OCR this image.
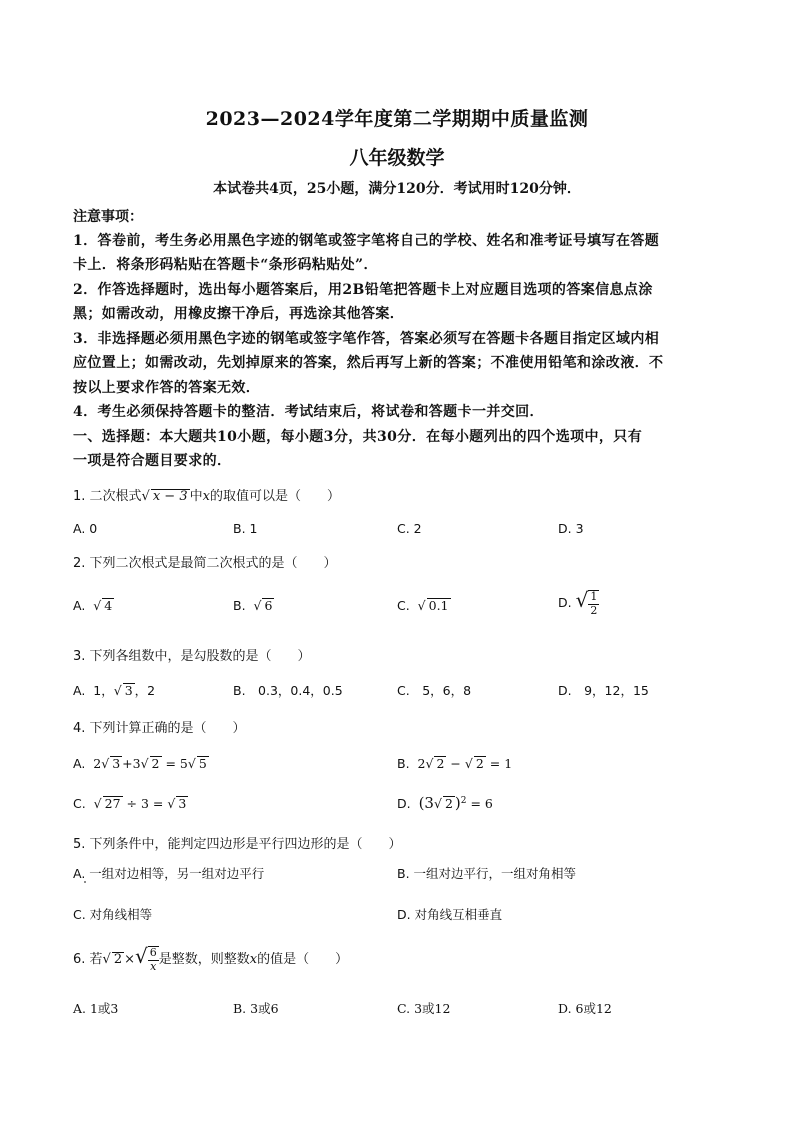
2023—2024学年度第二学期期中质量监测
八年级数学
本试卷共4页，25小题，满分120分．考试用时120分钟．
注意事项：
1．答卷前，考生务必用黑色字迹的钢笔或签字笔将自己的学校、姓名和准考证号填写在答题
卡上．将条形码粘贴在答题卡“条形码粘贴处”．
2．作答选择题时，选出每小题答案后，用2B铅笔把答题卡上对应题目选项的答案信息点涂
黑；如需改动，用橡皮擦干净后，再选涂其他答案．
3．非选择题必须用黑色字迹的钢笔或签字笔作答，答案必须写在答题卡各题目指定区域内相
应位置上；如需改动，先划掉原来的答案，然后再写上新的答案；不准使用铅笔和涂改液．不
按以上要求作答的答案无效．
4．考生必须保持答题卡的整洁．考试结束后，将试卷和答题卡一并交回．
一、选择题：本大题共10小题，每小题3分，共30分．在每小题列出的四个选项中，只有
一项是符合题目要求的．
1. 二次根式√ x − 3 中x的取值可以是（　　）
A. 0	B. 1	C. 2	D. 3
2. 下列二次根式是最简二次根式的是（　　）
A. √ 4	B. √ 6	C. √ 0.1	D. √ $\frac{1}{2}$
3. 下列各组数中，是勾股数的是（　　）
A. 1，√ 3 ，2	B.　0.3，0.4，0.5	C.　5，6，8	D.　9，12，15
4. 下列计算正确的是（　　）
A. 2√ 3 +3√ 2 = 5√ 5	B. 2√ 2 − √ 2 = 1
C. √ 27 ÷ 3 = √ 3	D. (3√ 2 )$^2$ = 6
5. 下列条件中，能判定四边形是平行四边形的是（　　）
A. 一组对边相等，另一组对边平行	B. 一组对边平行，一组对角相等
C. 对角线相等	D. 对角线互相垂直
6. 若√ 2 ×√ $\frac{6}{x}$ 是整数，则整数x的值是（　　）
A. 1或3	B. 3或6	C. 3或12	D. 6或12
